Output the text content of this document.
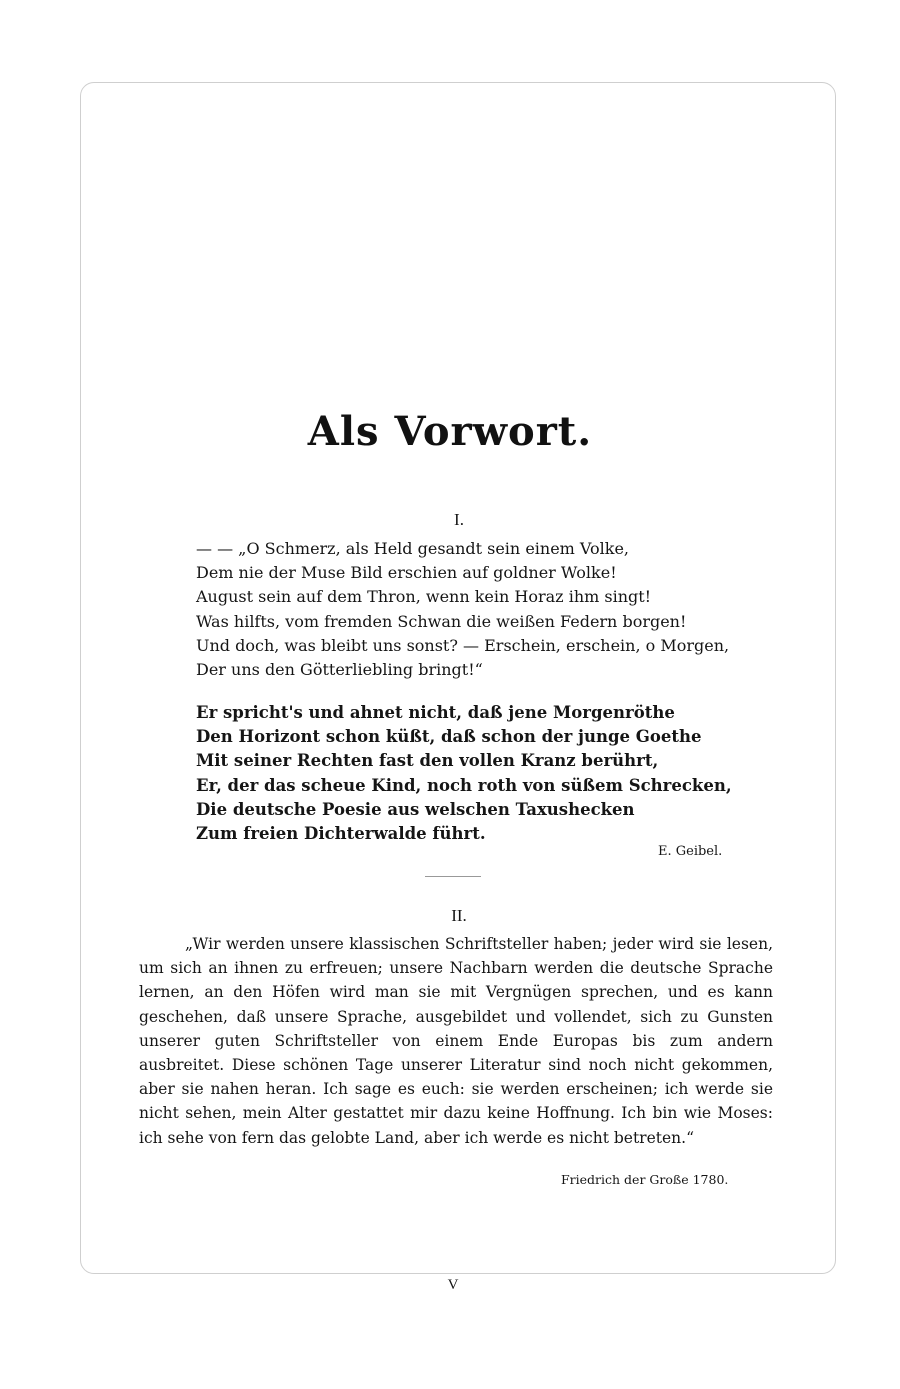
Als Vorwort.
I.
— — „O Schmerz, als Held gesandt sein einem Volke,
Dem nie der Muse Bild erschien auf goldner Wolke!
August sein auf dem Thron, wenn kein Horaz ihm singt!
Was hilfts, vom fremden Schwan die weißen Federn borgen!
Und doch, was bleibt uns sonst? — Erschein, erschein, o Morgen,
Der uns den Götterliebling bringt!“
Er spricht's und ahnet nicht, daß jene Morgenröthe
Den Horizont schon küßt, daß schon der junge Goethe
Mit seiner Rechten fast den vollen Kranz berührt,
Er, der das scheue Kind, noch roth von süßem Schrecken,
Die deutsche Poesie aus welschen Taxushecken
Zum freien Dichterwalde führt.
E. Geibel.
II.

„Wir werden unsere klassischen Schriftsteller haben; jeder wird sie lesen, um sich an ihnen zu erfreuen; unsere Nachbarn werden die deutsche Sprache lernen, an den Höfen wird man sie mit Vergnügen sprechen, und es kann geschehen, daß unsere Sprache, ausgebildet und vollendet, sich zu Gunsten unserer guten Schriftsteller von einem Ende Europas bis zum andern ausbreitet. Diese schönen Tage unserer Literatur sind noch nicht gekommen, aber sie nahen heran. Ich sage es euch: sie werden erscheinen; ich werde sie nicht sehen, mein Alter gestattet mir dazu keine Hoffnung. Ich bin wie Moses: ich sehe von fern das gelobte Land, aber ich werde es nicht betreten.“

Friedrich der Große 1780.
V
